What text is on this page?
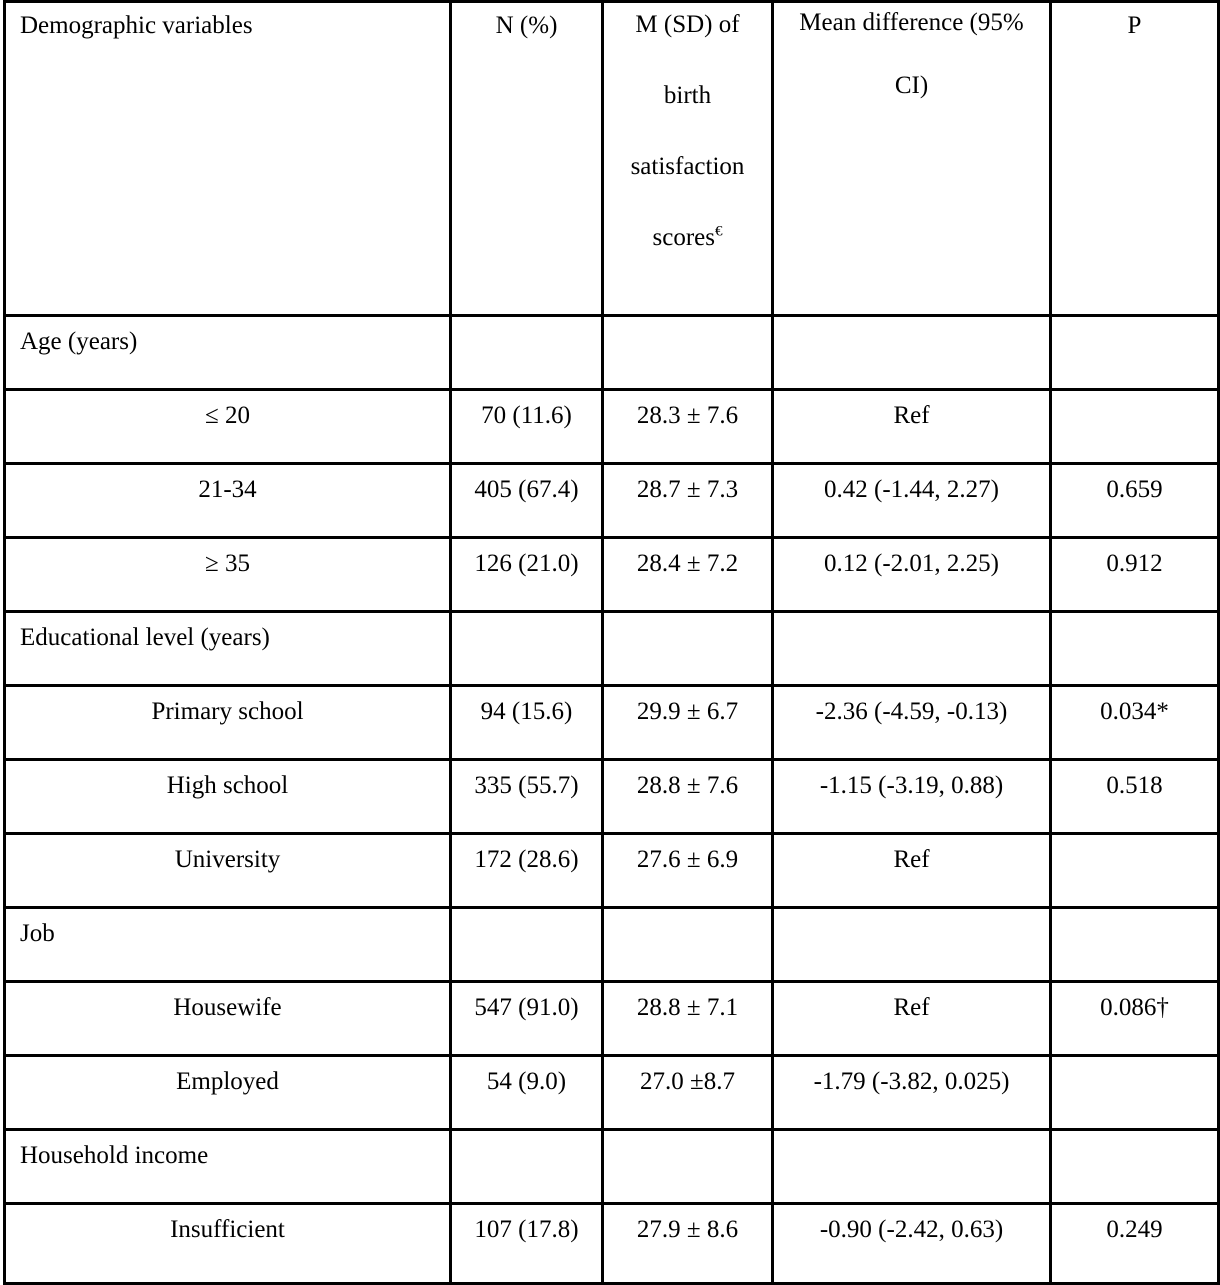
Demographic variables	N (%)	M (SD) of birth satisfaction scores€	Mean difference (95% CI)	P
Age (years)				
≤ 20	70 (11.6)	28.3 ± 7.6	Ref	
21-34	405 (67.4)	28.7 ± 7.3	0.42 (-1.44, 2.27)	0.659
≥ 35	126 (21.0)	28.4 ± 7.2	0.12 (-2.01, 2.25)	0.912
Educational level (years)				
Primary school	94 (15.6)	29.9 ± 6.7	-2.36 (-4.59, -0.13)	0.034*
High school	335 (55.7)	28.8 ± 7.6	-1.15 (-3.19, 0.88)	0.518
University	172 (28.6)	27.6 ± 6.9	Ref	
Job				
Housewife	547 (91.0)	28.8 ± 7.1	Ref	0.086†
Employed	54 (9.0)	27.0 ±8.7	-1.79 (-3.82, 0.025)	
Household income				
Insufficient	107 (17.8)	27.9 ± 8.6	-0.90 (-2.42, 0.63)	0.249
